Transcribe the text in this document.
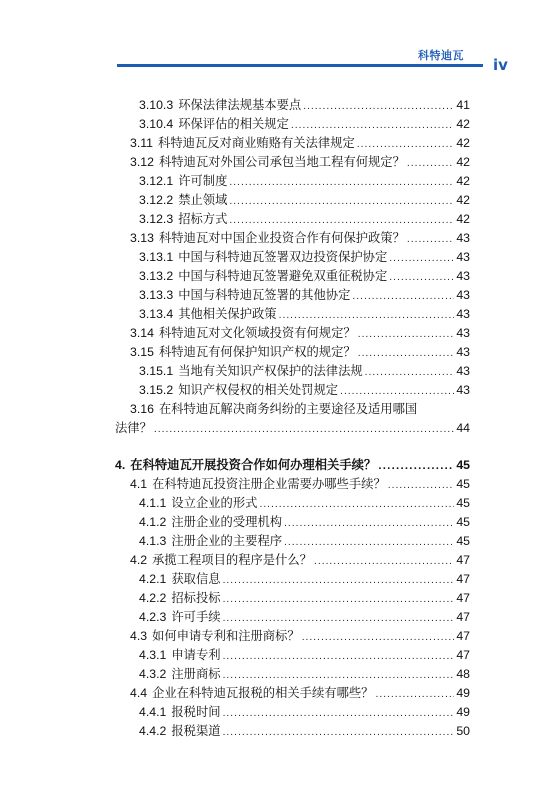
科特迪瓦
iv
3.10.3 环保法律法规基本要点 .....	41
3.10.4 环保评估的相关规定 .....	42
3.11 科特迪瓦反对商业贿赂有关法律规定 .....	42
3.12 科特迪瓦对外国公司承包当地工程有何规定？ .....	42
3.12.1 许可制度 .....	42
3.12.2 禁止领域 .....	42
3.12.3 招标方式 .....	42
3.13 科特迪瓦对中国企业投资合作有何保护政策？ .....	43
3.13.1 中国与科特迪瓦签署双边投资保护协定 .....	43
3.13.2 中国与科特迪瓦签署避免双重征税协定 .....	43
3.13.3 中国与科特迪瓦签署的其他协定 .....	43
3.13.4 其他相关保护政策 .....	43
3.14 科特迪瓦对文化领域投资有何规定？ .....	43
3.15 科特迪瓦有何保护知识产权的规定？ .....	43
3.15.1 当地有关知识产权保护的法律法规 .....	43
3.15.2 知识产权侵权的相关处罚规定 .....	43
3.16 在科特迪瓦解决商务纠纷的主要途径及适用哪国
法律？ .....	44
4. 在科特迪瓦开展投资合作如何办理相关手续？ .....	45
4.1 在科特迪瓦投资注册企业需要办哪些手续？ .....	45
4.1.1 设立企业的形式 .....	45
4.1.2 注册企业的受理机构 .....	45
4.1.3 注册企业的主要程序 .....	45
4.2 承揽工程项目的程序是什么？ .....	47
4.2.1 获取信息 .....	47
4.2.2 招标投标 .....	47
4.2.3 许可手续 .....	47
4.3 如何申请专利和注册商标？ .....	47
4.3.1 申请专利 .....	47
4.3.2 注册商标 .....	48
4.4 企业在科特迪瓦报税的相关手续有哪些？ .....	49
4.4.1 报税时间 .....	49
4.4.2 报税渠道 .....	50
